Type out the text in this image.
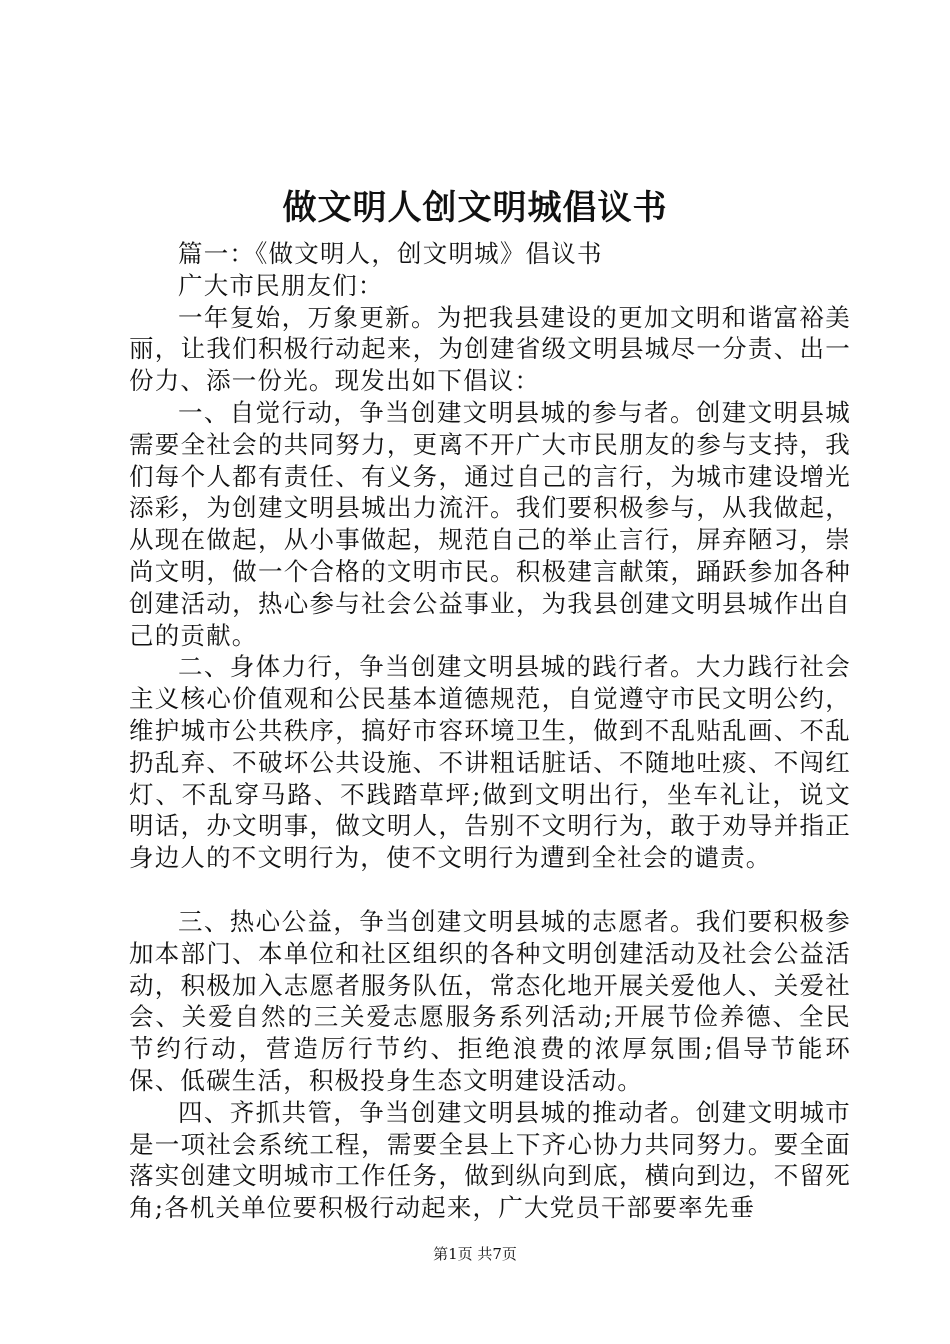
做文明人创文明城倡议书

篇一：《做文明人，创文明城》倡议书

广大市民朋友们：

一年复始，万象更新。为把我县建设的更加文明和谐富裕美丽，让我们积极行动起来，为创建省级文明县城尽一分责、出一份力、添一份光。现发出如下倡议：

一、自觉行动，争当创建文明县城的参与者。创建文明县城需要全社会的共同努力，更离不开广大市民朋友的参与支持，我们每个人都有责任、有义务，通过自己的言行，为城市建设增光添彩，为创建文明县城出力流汗。我们要积极参与，从我做起，从现在做起，从小事做起，规范自己的举止言行，屏弃陋习，崇尚文明，做一个合格的文明市民。积极建言献策，踊跃参加各种创建活动，热心参与社会公益事业，为我县创建文明县城作出自己的贡献。

二、身体力行，争当创建文明县城的践行者。大力践行社会主义核心价值观和公民基本道德规范，自觉遵守市民文明公约，维护城市公共秩序，搞好市容环境卫生，做到不乱贴乱画、不乱扔乱弃、不破坏公共设施、不讲粗话脏话、不随地吐痰、不闯红灯、不乱穿马路、不践踏草坪;做到文明出行，坐车礼让，说文明话，办文明事，做文明人，告别不文明行为，敢于劝导并指正身边人的不文明行为，使不文明行为遭到全社会的谴责。

三、热心公益，争当创建文明县城的志愿者。我们要积极参加本部门、本单位和社区组织的各种文明创建活动及社会公益活动，积极加入志愿者服务队伍，常态化地开展关爱他人、关爱社会、关爱自然的三关爱志愿服务系列活动;开展节俭养德、全民节约行动，营造厉行节约、拒绝浪费的浓厚氛围;倡导节能环保、低碳生活，积极投身生态文明建设活动。

四、齐抓共管，争当创建文明县城的推动者。创建文明城市是一项社会系统工程，需要全县上下齐心协力共同努力。要全面落实创建文明城市工作任务，做到纵向到底，横向到边，不留死角;各机关单位要积极行动起来，广大党员干部要率先垂

第1页 共7页
